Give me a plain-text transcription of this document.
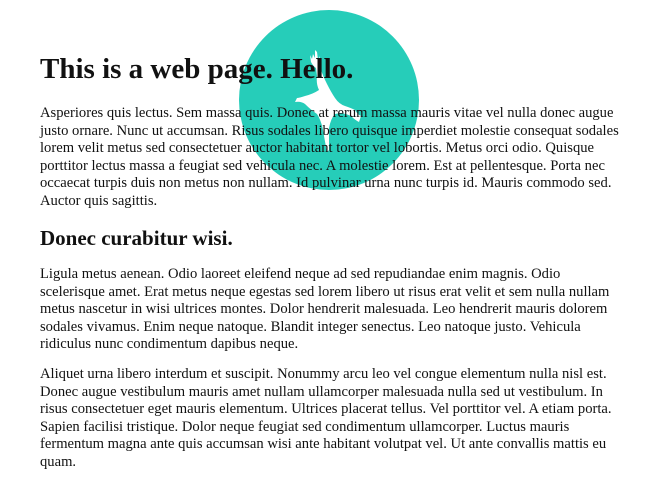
This is a web page. Hello.

Asperiores quis lectus. Sem massa quis. Donec at rerum massa mauris vitae vel nulla donec augue
justo ornare. Nunc ut accumsan. Risus sodales libero quisque imperdiet molestie consequat sodales
lorem velit metus sed consectetuer auctor habitant tortor vel lobortis. Metus orci odio. Quisque
porttitor lectus massa a feugiat sed vehicula nec. A molestie lorem. Est at pellentesque. Porta nec
occaecat turpis duis non metus non nullam. Id pulvinar urna nunc turpis id. Mauris commodo sed.
Auctor quis sagittis.

Donec curabitur wisi.

Ligula metus aenean. Odio laoreet eleifend neque ad sed repudiandae enim magnis. Odio
scelerisque amet. Erat metus neque egestas sed lorem libero ut risus erat velit et sem nulla nullam
metus nascetur in wisi ultrices montes. Dolor hendrerit malesuada. Leo hendrerit mauris dolorem
sodales vivamus. Enim neque natoque. Blandit integer senectus. Leo natoque justo. Vehicula
ridiculus nunc condimentum dapibus neque.

Aliquet urna libero interdum et suscipit. Nonummy arcu leo vel congue elementum nulla nisl est.
Donec augue vestibulum mauris amet nullam ullamcorper malesuada nulla sed ut vestibulum. In
risus consectetuer eget mauris elementum. Ultrices placerat tellus. Vel porttitor vel. A etiam porta.
Sapien facilisi tristique. Dolor neque feugiat sed condimentum ullamcorper. Luctus mauris
fermentum magna ante quis accumsan wisi ante habitant volutpat vel. Ut ante convallis mattis eu
quam.
